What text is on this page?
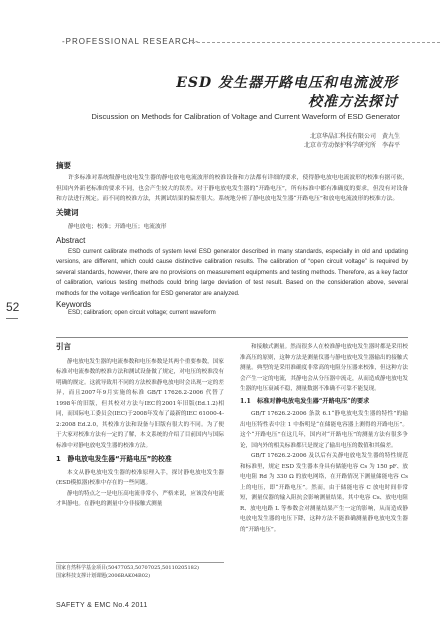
-PROFESSIONAL RESEARCH-
ESD 发生器开路电压和电流波形
校准方法探讨
Discussion on Methods for Calibration of Voltage and Current Waveform of ESD Generator
北京华晶汇科技有限公司　黄九生
北京市劳动保护科学研究所　李春平
摘要
许多标准对系统级静电放电发生器的静电放电电流波形的校准设备和方法都有详细的要求，使得静电放电电流波形的校准有据可依，但国内外新老标准的要求不同，也会产生较大的误差。对于静电放电发生器的“开路电压”，所有标准中都有准确度的要求，但没有对设备和方法进行规定。而不同的校准方法，其测试结果的偏差很大。系统地分析了静电放电发生器“开路电压”和放电电流波形的校准方法。
关键词
静电放电；校准；开路电压；电流波形
Abstract
ESD current calibrate methods of system level ESD generator described in many standards, especially in old and updating versions, are different, which could cause distinctive calibration results. The calibration of “open circuit voltage” is required by several standards, however, there are no provisions on measurement equipments and testing methods. Therefore, as a key factor of calibration, various testing methods could bring large deviation of test result. Based on the consideration above, several methods for the voltage verification for ESD generator are analyzed.
Keywords
ESD; calibration; open circuit voltage; current waveform
52

引言

静电放电发生器的电流参数和电压参数是其两个重要参数，国家标准对电流参数的校准方法和测试设备做了规定，对电压的校准没有明确的规定。这就导致用不同的方法校准静电放电时会出现一定的差异，而且2007年9月实施的标准 GB/T 17626.2-2006 代替了1998年的旧版，但其校对方法与IEC的2001年旧版(Ed.1.2)相同，而国际电工委员会(IEC)于2008年发布了最新的IEC 61000-4-2:2008 Ed.2.0，其校准方法和设备与旧版有很大的不同。为了便于大家对校准方法有一定的了解，本文系统的介绍了目前国内与国际标准中对静电放电发生器的校准方法。

1　静电放电发生器“开路电压”的校准

本文从静电放电发生器的校准原理入手，探讨静电放电发生器(ESD模拟器)校准中存在的一些问题。

静电的特点之一是电压高电流非常小，严格来说，应该没有电流才叫静电。在静电的测量中分非接触式测量

和接触式测量。然而很多人在校准静电放电发生器时都是采用校准高压的原则，这种方法是测量仪器与静电放电发生器输出的接触式测量。典型的是采用准确度非常高的电阻分压器来校准，但这种方法会产生一定的电流，其静电会从分压器中流走，从而造成静电放电发生器的电压衰减不稳，测量数据不准确不可靠不能复现。

1.1　标准对静电放电发生器“开路电压”的要求

GB/T 17626.2-2006 条款 6.1“静电放电发生器的特性”的输出电压特性表中注 1 中指明是“在储能电容器上测得的开路电压”。这个“开路电压”在这几年，国内对“开路电压”的测量方法有很多争论，国内外的相关标准都只是规定了输出电压的数值和其偏差。

GB/T 17626.2-2006 及以后有关静电放电发生器的特性规范和标准里，规定 ESD 发生器本身具有储能电容 Cs 为 150 pF、放电电阻 Rd 为 330 Ω 的放电网络，在开路情况下测量储能电容 Cs 上的电压，即“开路电压”。然而，由于储能电容 C 放电时间非常短，测量仪器的输入阻抗会影响测量结果，其中电容 Cs、放电电阻 R、放电电路 L 等参数会对测量结果产生一定的影响，从而造成静电放电发生器的电压下降，这种方法不能准确测量静电放电发生器的“开路电压”。

国家自然科学基金项目(50477053,50707025,50110205182)
国家科技支撑计划课题(2006BAK04B02)
SAFETY & EMC No.4 2011
